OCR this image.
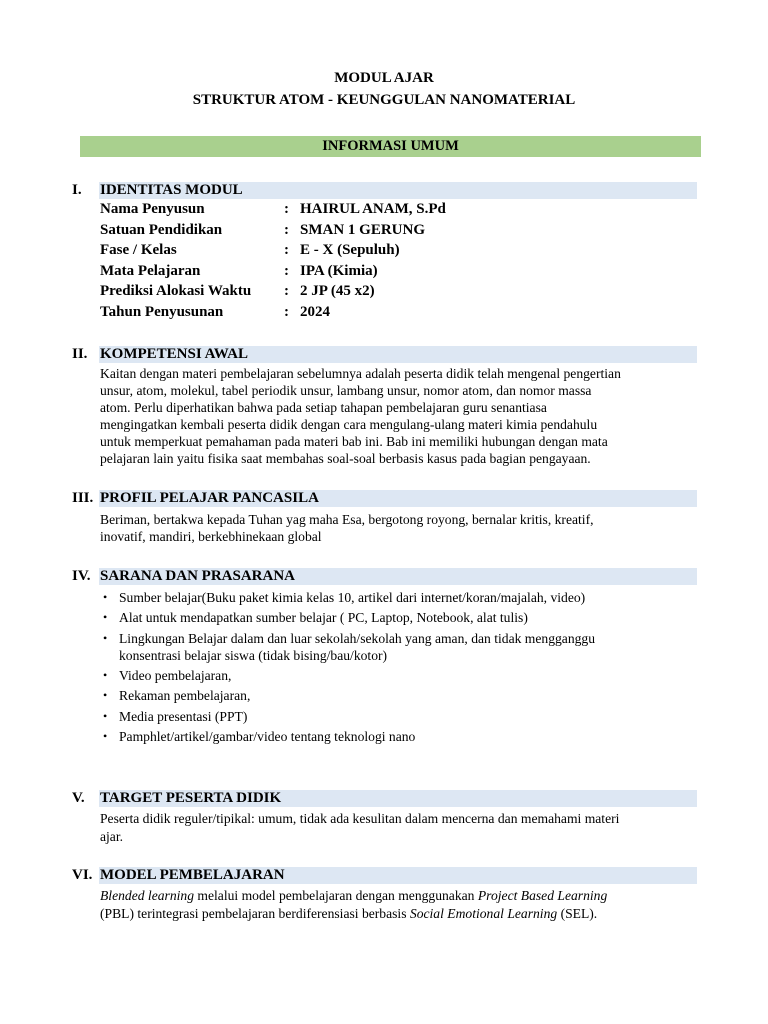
MODUL AJAR
STRUKTUR ATOM - KEUNGGULAN NANOMATERIAL
INFORMASI UMUM
I. IDENTITAS MODUL
Nama Penyusun	: HAIRUL ANAM, S.Pd
Satuan Pendidikan	: SMAN 1 GERUNG
Fase / Kelas	: E - X (Sepuluh)
Mata Pelajaran	: IPA (Kimia)
Prediksi Alokasi Waktu : 2 JP (45 x2)
Tahun Penyusunan	: 2024
II. KOMPETENSI AWAL
Kaitan dengan materi pembelajaran sebelumnya adalah peserta didik telah mengenal pengertian
unsur, atom, molekul, tabel periodik unsur, lambang unsur, nomor atom, dan nomor massa
atom. Perlu diperhatikan bahwa pada setiap tahapan pembelajaran guru senantiasa
mengingatkan kembali peserta didik dengan cara mengulang-ulang materi kimia pendahulu
untuk memperkuat pemahaman pada materi bab ini. Bab ini memiliki hubungan dengan mata
pelajaran lain yaitu fisika saat membahas soal-soal berbasis kasus pada bagian pengayaan.
III. PROFIL PELAJAR PANCASILA
Beriman, bertakwa kepada Tuhan yag maha Esa, bergotong royong, bernalar kritis, kreatif,
inovatif, mandiri, berkebhinekaan global
IV. SARANA DAN PRASARANA
• Sumber belajar(Buku paket kimia kelas 10, artikel dari internet/koran/majalah, video)
• Alat untuk mendapatkan sumber belajar ( PC, Laptop, Notebook, alat tulis)
• Lingkungan Belajar dalam dan luar sekolah/sekolah yang aman, dan tidak mengganggu
konsentrasi belajar siswa (tidak bising/bau/kotor)
• Video pembelajaran,
• Rekaman pembelajaran,
• Media presentasi (PPT)
• Pamphlet/artikel/gambar/video tentang teknologi nano
V. TARGET PESERTA DIDIK
Peserta didik reguler/tipikal: umum, tidak ada kesulitan dalam mencerna dan memahami materi
ajar.
VI. MODEL PEMBELAJARAN
Blended learning melalui model pembelajaran dengan menggunakan Project Based Learning
(PBL) terintegrasi pembelajaran berdiferensiasi berbasis Social Emotional Learning (SEL).
